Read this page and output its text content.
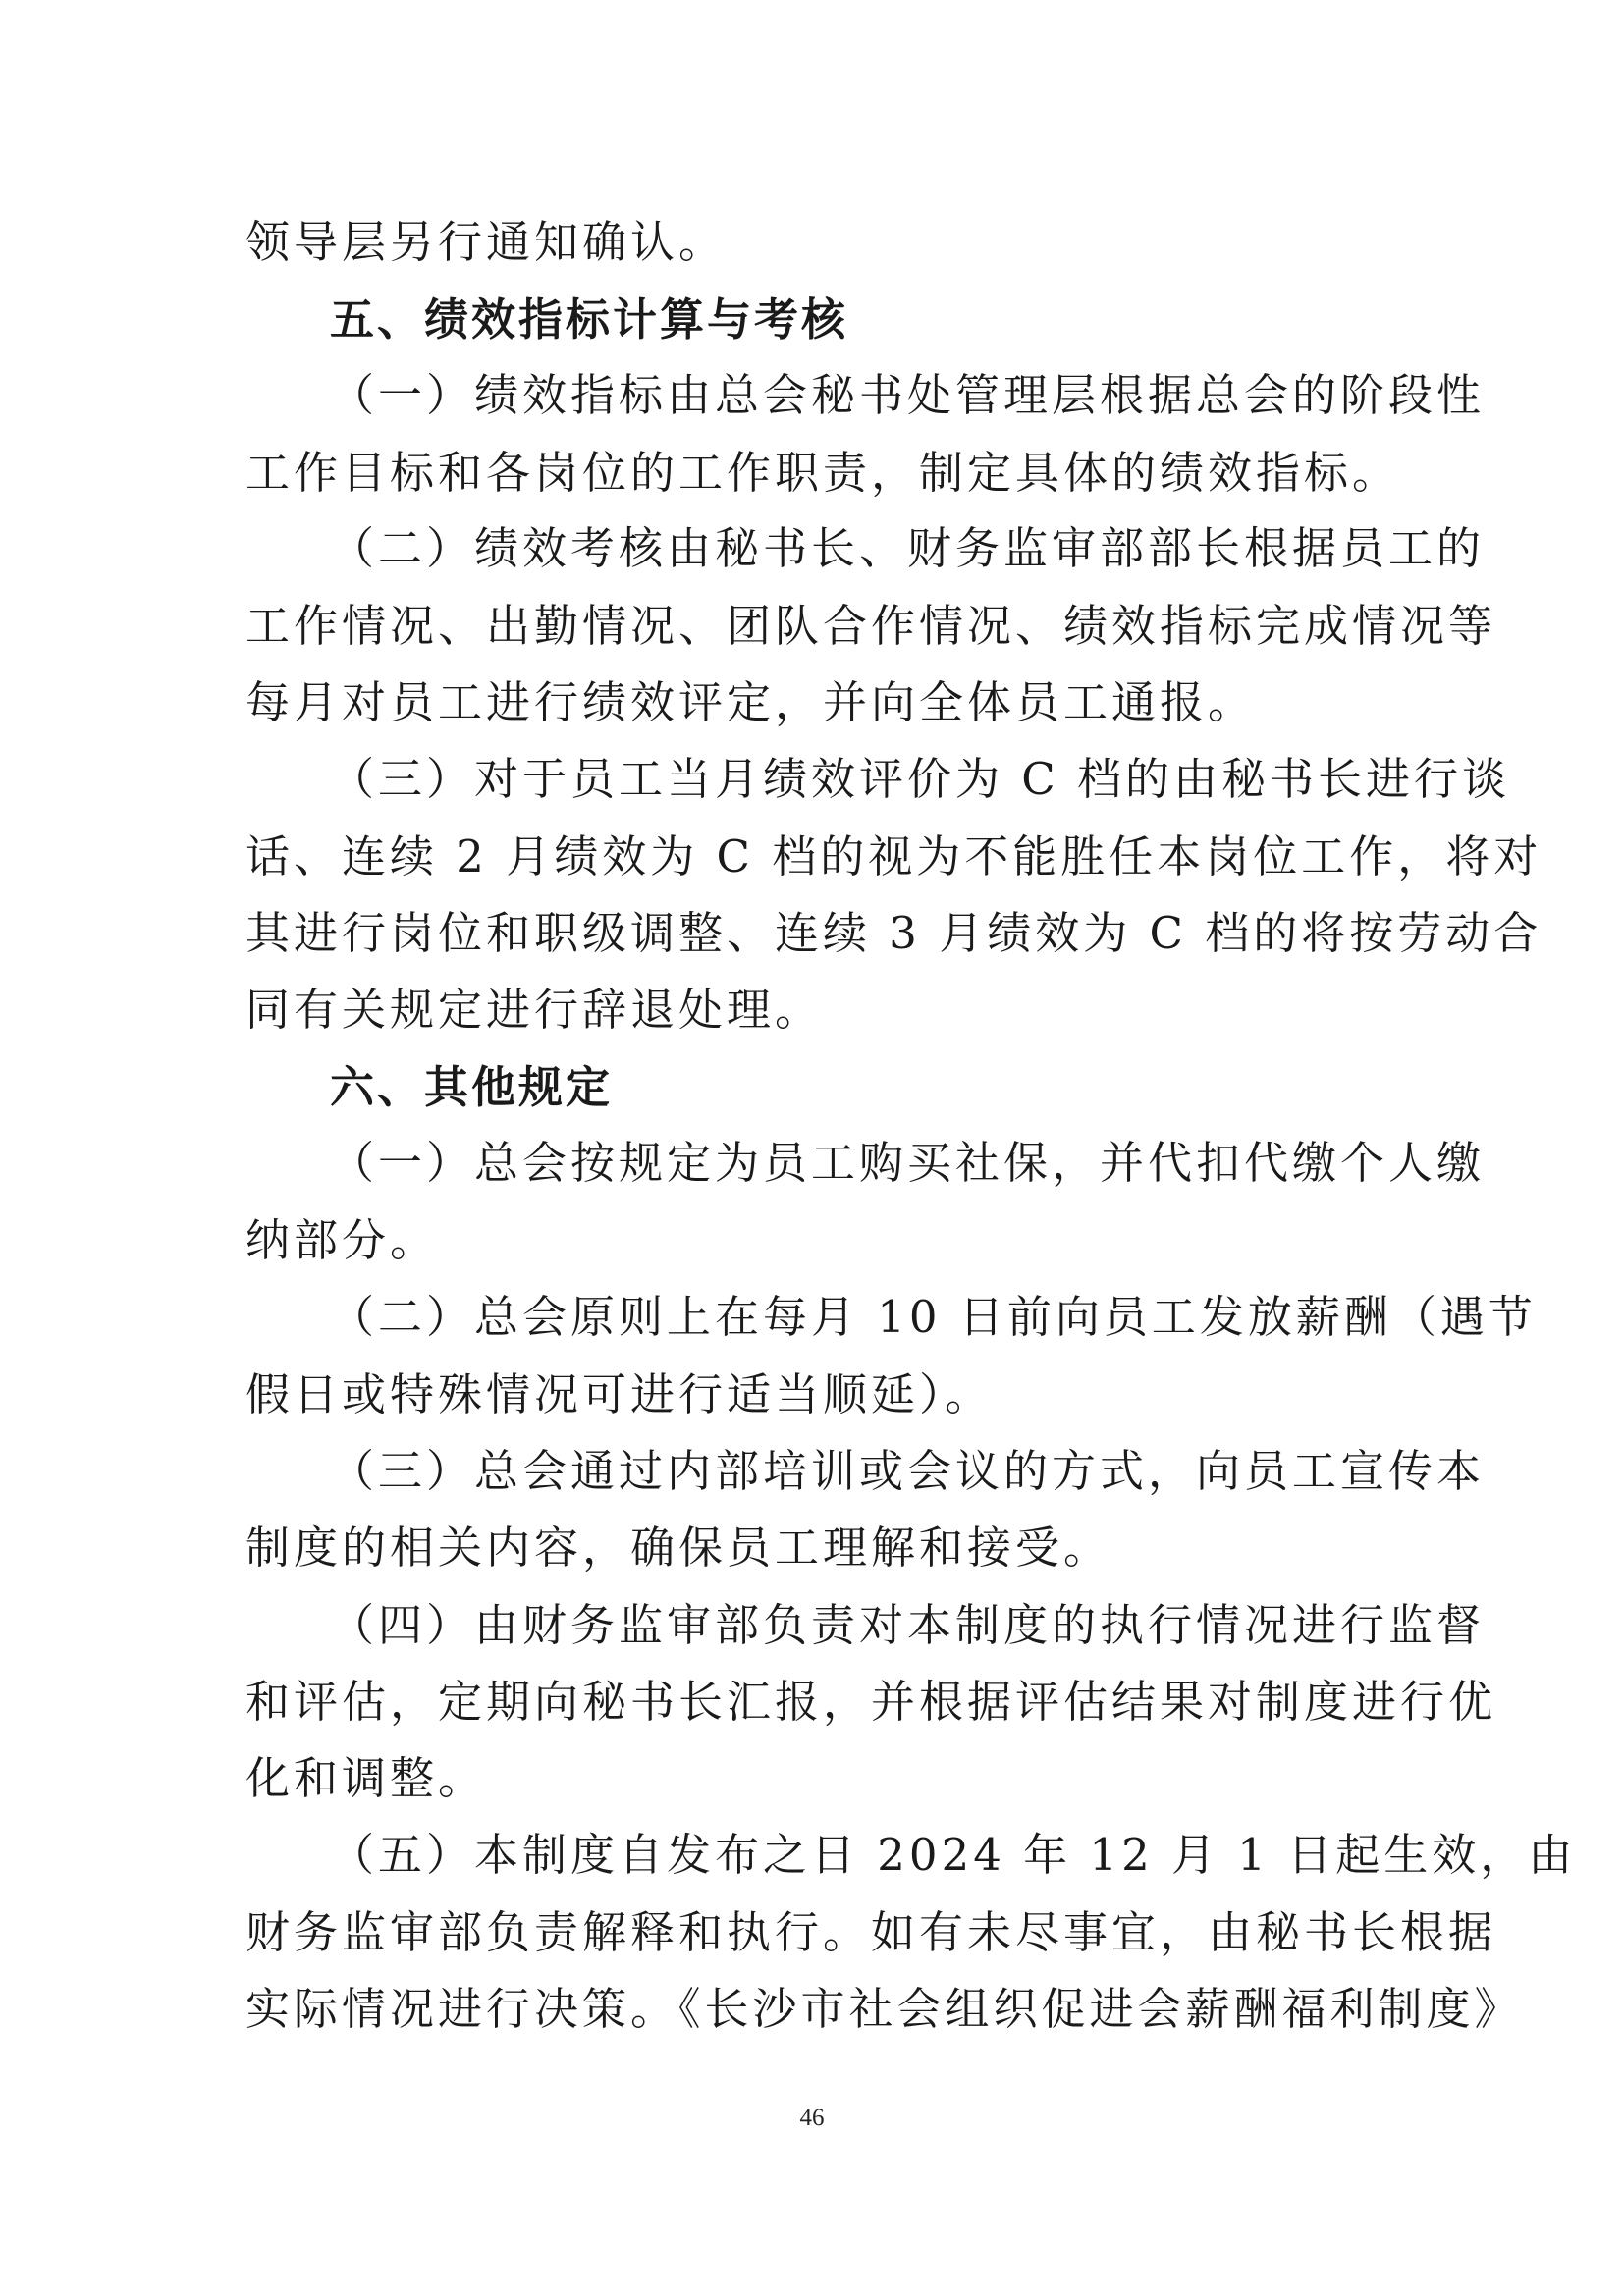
领导层另行通知确认。
五、绩效指标计算与考核
（一）绩效指标由总会秘书处管理层根据总会的阶段性
工作目标和各岗位的工作职责，制定具体的绩效指标。
（二）绩效考核由秘书长、财务监审部部长根据员工的
工作情况、出勤情况、团队合作情况、绩效指标完成情况等
每月对员工进行绩效评定，并向全体员工通报。
（三）对于员工当月绩效评价为 C 档的由秘书长进行谈
话、连续 2 月绩效为 C 档的视为不能胜任本岗位工作，将对
其进行岗位和职级调整、连续 3 月绩效为 C 档的将按劳动合
同有关规定进行辞退处理。
六、其他规定
（一）总会按规定为员工购买社保，并代扣代缴个人缴
纳部分。
（二）总会原则上在每月 10 日前向员工发放薪酬（遇节
假日或特殊情况可进行适当顺延）。
（三）总会通过内部培训或会议的方式，向员工宣传本
制度的相关内容，确保员工理解和接受。
（四）由财务监审部负责对本制度的执行情况进行监督
和评估，定期向秘书长汇报，并根据评估结果对制度进行优
化和调整。
（五）本制度自发布之日 2024 年 12 月 1 日起生效，由
财务监审部负责解释和执行。如有未尽事宜，由秘书长根据
实际情况进行决策。《长沙市社会组织促进会薪酬福利制度》
46
